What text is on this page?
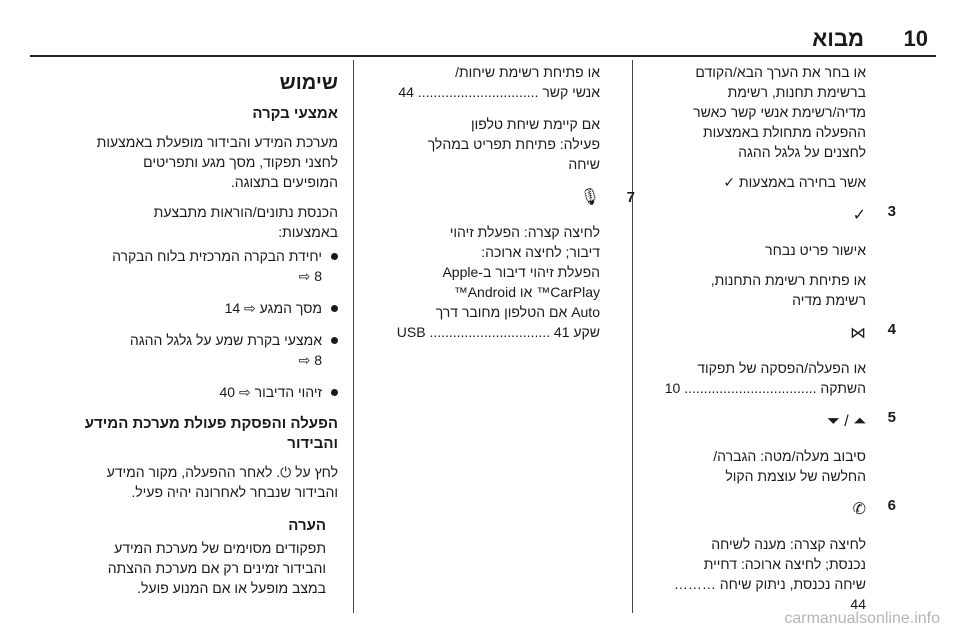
10
מבוא

או בחר את הערך הבא/הקודם

ברשימת תחנות, רשימת

מדיה/רשימת אנשי קשר כאשר

ההפעלה מתחולת באמצעות

לחצנים על גלגל ההגה

אשר בחירה באמצעות ✓

3
✓

אישור פריט נבחר

או פתיחת רשימת התחנות,

רשימת מדיה

4
⋈

או הפעלה/הפסקה של תפקוד

השתקה .................................. 10

5
⏶ / ⏷

סיבוב מעלה/מטה: הגברה/

החלשה של עוצמת הקול

6
✆

לחיצה קצרה: מענה לשיחה

נכנסת; לחיצה ארוכה: דחיית

שיחה נכנסת, ניתוק שיחה ……… 44

או פתיחת רשימת שיחות/

אנשי קשר ............................... 44

אם קיימת שיחת טלפון

פעילה: פתיחת תפריט במהלך

שיחה

7
🎙

לחיצה קצרה: הפעלת זיהוי

דיבור; לחיצה ארוכה:

הפעלת זיהוי דיבור ב-Apple

CarPlay™ או Android™

Auto אם הטלפון מחובר דרך

שקע USB ............................... 41

שימוש
אמצעי בקרה

מערכת המידע והבידור מופעלת באמצעות

לחצני תפקוד, מסך מגע ותפריטים

המופיעים בתצוגה.

הכנסת נתונים/הוראות מתבצעת

באמצעות:

יחידת הבקרה המרכזית בלוח הבקרה

8 ⇨

מסך המגע ⇨ 14

אמצעי בקרת שמע על גלגל ההגה

8 ⇨

זיהוי הדיבור ⇨ 40

הפעלה והפסקת פעולת מערכת המידע והבידור

לחץ על ⏻. לאחר ההפעלה, מקור המידע

והבידור שנבחר לאחרונה יהיה פעיל.

הערה

תפקודים מסוימים של מערכת המידע

והבידור זמינים רק אם מערכת ההצתה

במצב מופעל או אם המנוע פועל.

carmanualsonline.info
